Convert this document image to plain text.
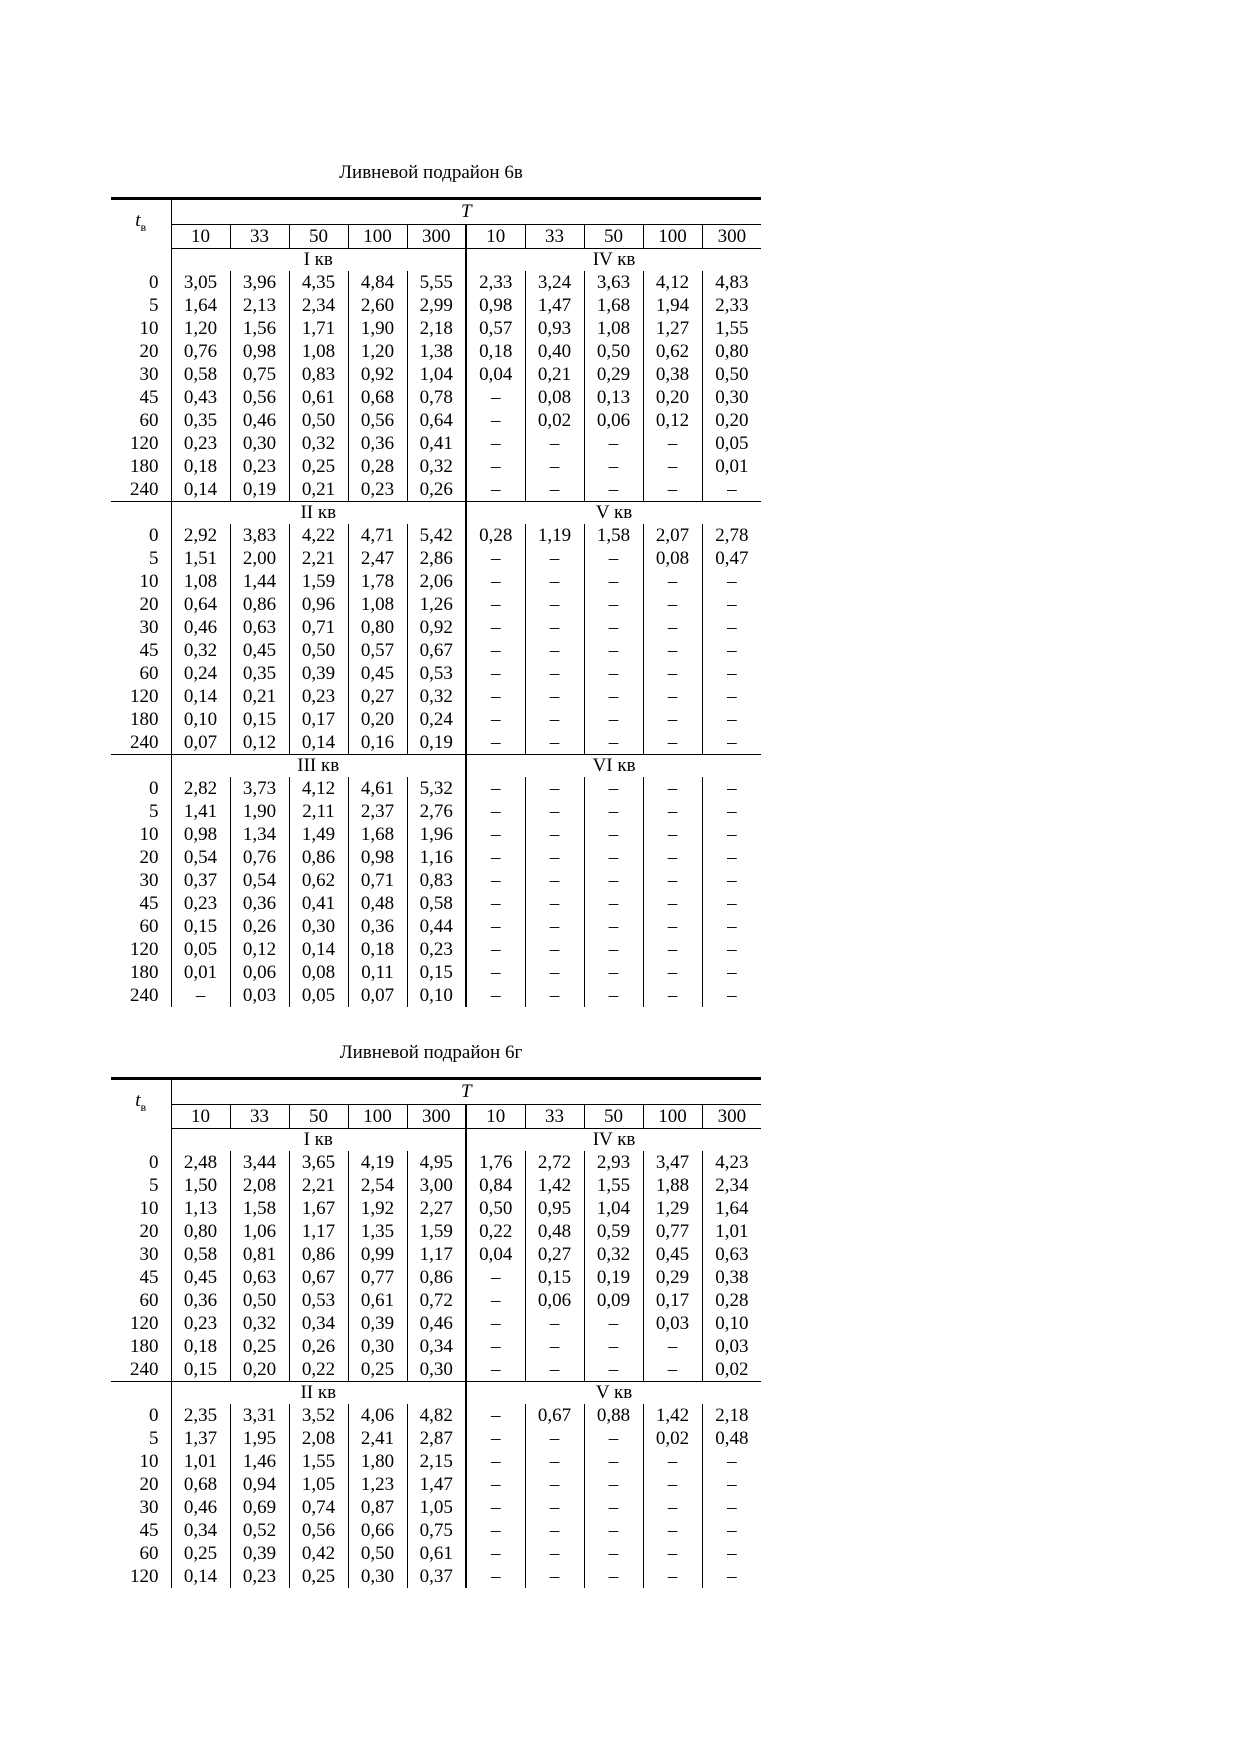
Ливневой подрайон 6в
$t_в$	T									
	10	33	50	100	300	10	33	50	100	300
	I кв					IV кв				
0	3,05	3,96	4,35	4,84	5,55	2,33	3,24	3,63	4,12	4,83
5	1,64	2,13	2,34	2,60	2,99	0,98	1,47	1,68	1,94	2,33
10	1,20	1,56	1,71	1,90	2,18	0,57	0,93	1,08	1,27	1,55
20	0,76	0,98	1,08	1,20	1,38	0,18	0,40	0,50	0,62	0,80
30	0,58	0,75	0,83	0,92	1,04	0,04	0,21	0,29	0,38	0,50
45	0,43	0,56	0,61	0,68	0,78	–	0,08	0,13	0,20	0,30
60	0,35	0,46	0,50	0,56	0,64	–	0,02	0,06	0,12	0,20
120	0,23	0,30	0,32	0,36	0,41	–	–	–	–	0,05
180	0,18	0,23	0,25	0,28	0,32	–	–	–	–	0,01
240	0,14	0,19	0,21	0,23	0,26	–	–	–	–	–
	II кв					V кв				
0	2,92	3,83	4,22	4,71	5,42	0,28	1,19	1,58	2,07	2,78
5	1,51	2,00	2,21	2,47	2,86	–	–	–	0,08	0,47
10	1,08	1,44	1,59	1,78	2,06	–	–	–	–	–
20	0,64	0,86	0,96	1,08	1,26	–	–	–	–	–
30	0,46	0,63	0,71	0,80	0,92	–	–	–	–	–
45	0,32	0,45	0,50	0,57	0,67	–	–	–	–	–
60	0,24	0,35	0,39	0,45	0,53	–	–	–	–	–
120	0,14	0,21	0,23	0,27	0,32	–	–	–	–	–
180	0,10	0,15	0,17	0,20	0,24	–	–	–	–	–
240	0,07	0,12	0,14	0,16	0,19	–	–	–	–	–
	III кв					VI кв				
0	2,82	3,73	4,12	4,61	5,32	–	–	–	–	–
5	1,41	1,90	2,11	2,37	2,76	–	–	–	–	–
10	0,98	1,34	1,49	1,68	1,96	–	–	–	–	–
20	0,54	0,76	0,86	0,98	1,16	–	–	–	–	–
30	0,37	0,54	0,62	0,71	0,83	–	–	–	–	–
45	0,23	0,36	0,41	0,48	0,58	–	–	–	–	–
60	0,15	0,26	0,30	0,36	0,44	–	–	–	–	–
120	0,05	0,12	0,14	0,18	0,23	–	–	–	–	–
180	0,01	0,06	0,08	0,11	0,15	–	–	–	–	–
240	–	0,03	0,05	0,07	0,10	–	–	–	–	–
Ливневой подрайон 6г
$t_в$	T									
	10	33	50	100	300	10	33	50	100	300
	I кв					IV кв				
0	2,48	3,44	3,65	4,19	4,95	1,76	2,72	2,93	3,47	4,23
5	1,50	2,08	2,21	2,54	3,00	0,84	1,42	1,55	1,88	2,34
10	1,13	1,58	1,67	1,92	2,27	0,50	0,95	1,04	1,29	1,64
20	0,80	1,06	1,17	1,35	1,59	0,22	0,48	0,59	0,77	1,01
30	0,58	0,81	0,86	0,99	1,17	0,04	0,27	0,32	0,45	0,63
45	0,45	0,63	0,67	0,77	0,86	–	0,15	0,19	0,29	0,38
60	0,36	0,50	0,53	0,61	0,72	–	0,06	0,09	0,17	0,28
120	0,23	0,32	0,34	0,39	0,46	–	–	–	0,03	0,10
180	0,18	0,25	0,26	0,30	0,34	–	–	–	–	0,03
240	0,15	0,20	0,22	0,25	0,30	–	–	–	–	0,02
	II кв					V кв				
0	2,35	3,31	3,52	4,06	4,82	–	0,67	0,88	1,42	2,18
5	1,37	1,95	2,08	2,41	2,87	–	–	–	0,02	0,48
10	1,01	1,46	1,55	1,80	2,15	–	–	–	–	–
20	0,68	0,94	1,05	1,23	1,47	–	–	–	–	–
30	0,46	0,69	0,74	0,87	1,05	–	–	–	–	–
45	0,34	0,52	0,56	0,66	0,75	–	–	–	–	–
60	0,25	0,39	0,42	0,50	0,61	–	–	–	–	–
120	0,14	0,23	0,25	0,30	0,37	–	–	–	–	–
